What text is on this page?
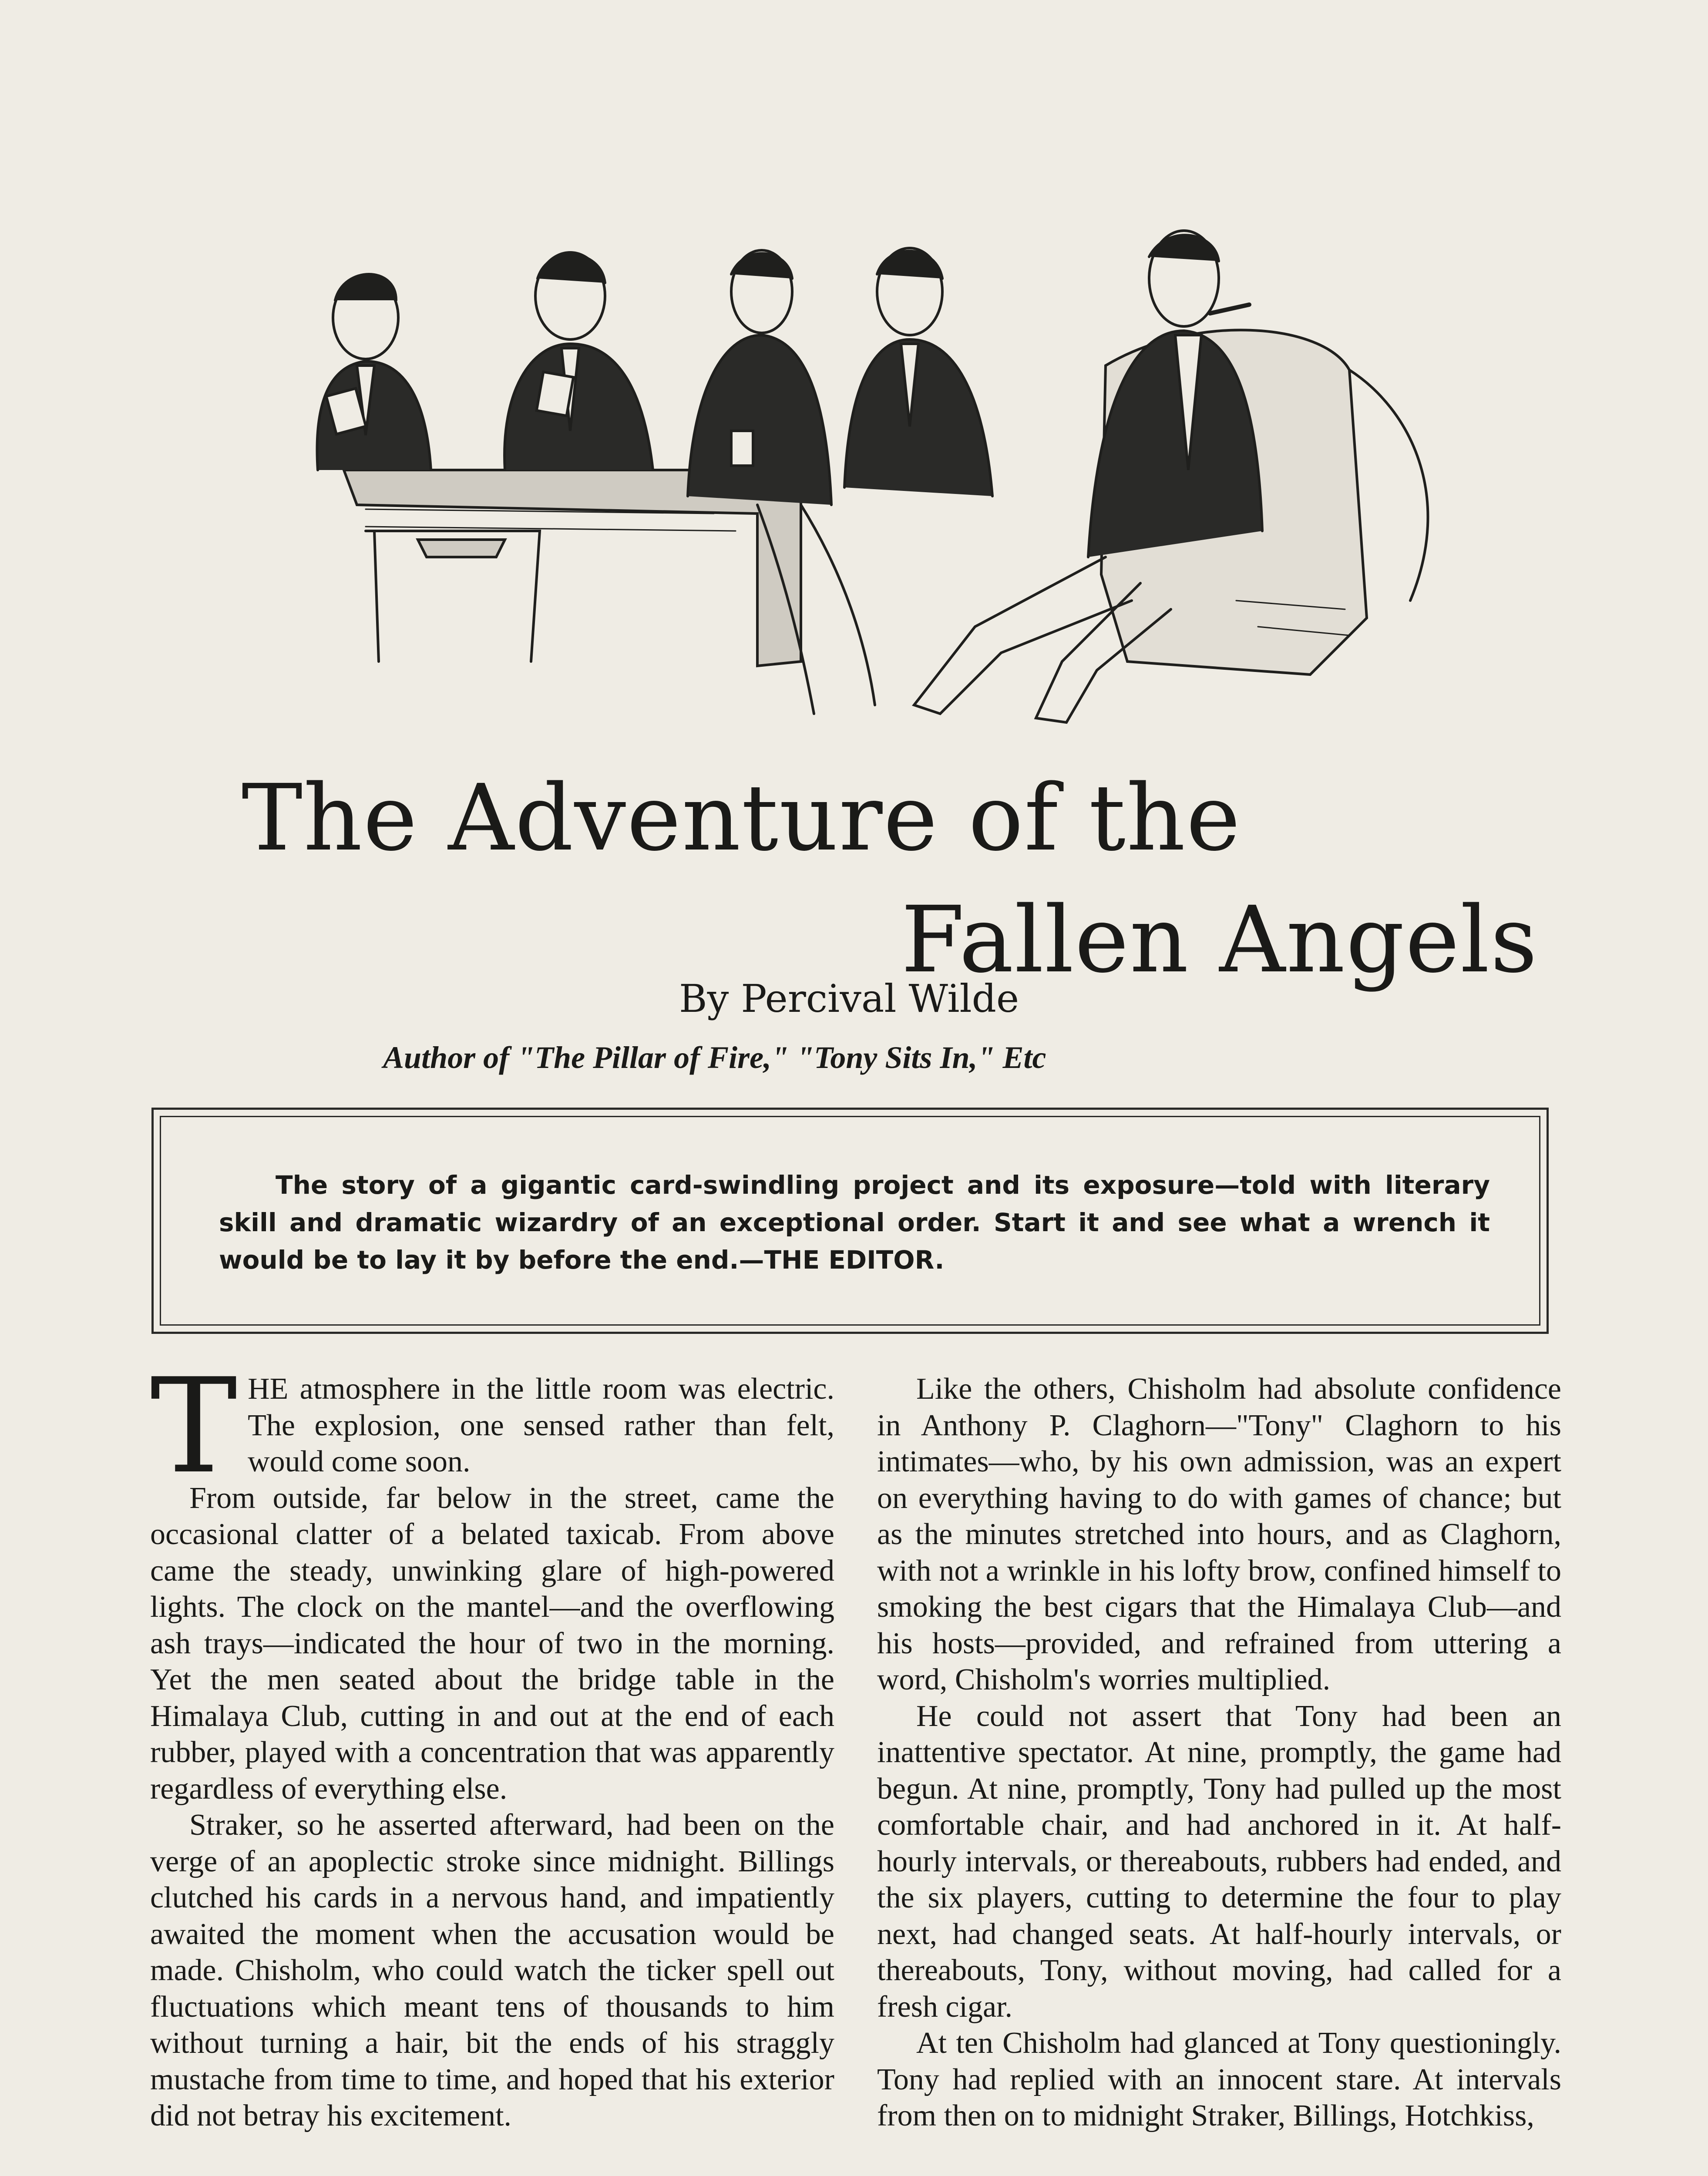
The Adventure of the
Fallen Angels
By Percival Wilde
Author of "The Pillar of Fire," "Tony Sits In," Etc
The story of a gigantic card-swindling project and its exposure—told with literary skill and dramatic wizardry of an exceptional order. Start it and see what a wrench it would be to lay it by before the end.—THE EDITOR.

THE atmosphere in the little room was electric. The explosion, one sensed rather than felt, would come soon.

From outside, far below in the street, came the occasional clatter of a belated taxicab. From above came the steady, unwinking glare of high-powered lights. The clock on the mantel—and the overflowing ash trays—indicated the hour of two in the morning. Yet the men seated about the bridge table in the Himalaya Club, cutting in and out at the end of each rubber, played with a concentration that was apparently regardless of everything else.

Straker, so he asserted afterward, had been on the verge of an apoplectic stroke since midnight. Billings clutched his cards in a nervous hand, and impatiently awaited the moment when the accusation would be made. Chisholm, who could watch the ticker spell out fluctuations which meant tens of thousands to him without turning a hair, bit the ends of his straggly mustache from time to time, and hoped that his exterior did not betray his excitement.

Like the others, Chisholm had absolute confidence in Anthony P. Claghorn—"Tony" Claghorn to his intimates—who, by his own admission, was an expert on everything having to do with games of chance; but as the minutes stretched into hours, and as Claghorn, with not a wrinkle in his lofty brow, confined himself to smoking the best cigars that the Himalaya Club—and his hosts—provided, and refrained from uttering a word, Chisholm's worries multiplied.

He could not assert that Tony had been an inattentive spectator. At nine, promptly, the game had begun. At nine, promptly, Tony had pulled up the most comfortable chair, and had anchored in it. At half-hourly intervals, or thereabouts, rubbers had ended, and the six players, cutting to determine the four to play next, had changed seats. At half-hourly intervals, or thereabouts, Tony, without moving, had called for a fresh cigar.

At ten Chisholm had glanced at Tony questioningly. Tony had replied with an innocent stare. At intervals from then on to midnight Straker, Billings, Hotchkiss,
